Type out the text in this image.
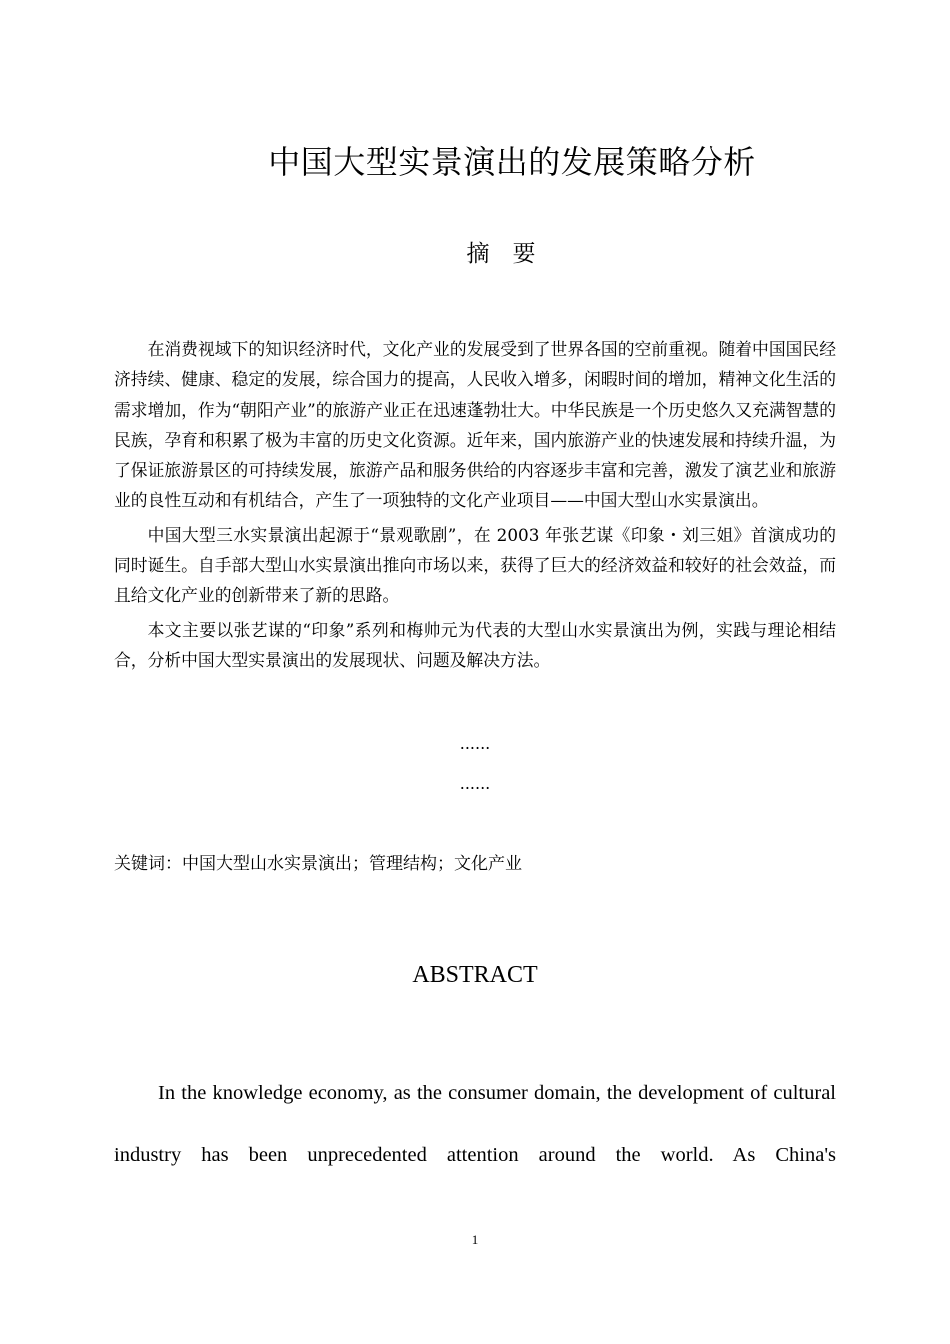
中国大型实景演出的发展策略分析
摘　要

在消费视域下的知识经济时代，文化产业的发展受到了世界各国的空前重视。随着中国国民经济持续、健康、稳定的发展，综合国力的提高，人民收入增多，闲暇时间的增加，精神文化生活的需求增加，作为“朝阳产业”的旅游产业正在迅速蓬勃壮大。中华民族是一个历史悠久又充满智慧的民族，孕育和积累了极为丰富的历史文化资源。近年来，国内旅游产业的快速发展和持续升温，为了保证旅游景区的可持续发展，旅游产品和服务供给的内容逐步丰富和完善，激发了演艺业和旅游业的良性互动和有机结合，产生了一项独特的文化产业项目——中国大型山水实景演出。

中国大型三水实景演出起源于“景观歌剧”，在 2003 年张艺谋《印象・刘三姐》首演成功的同时诞生。自手部大型山水实景演出推向市场以来，获得了巨大的经济效益和较好的社会效益，而且给文化产业的创新带来了新的思路。

本文主要以张艺谋的“印象”系列和梅帅元为代表的大型山水实景演出为例，实践与理论相结合，分析中国大型实景演出的发展现状、问题及解决方法。

......
......
关键词：中国大型山水实景演出；管理结构；文化产业
ABSTRACT

In the knowledge economy, as the consumer domain, the development of cultural industry has been unprecedented attention around the world. As China's

1
